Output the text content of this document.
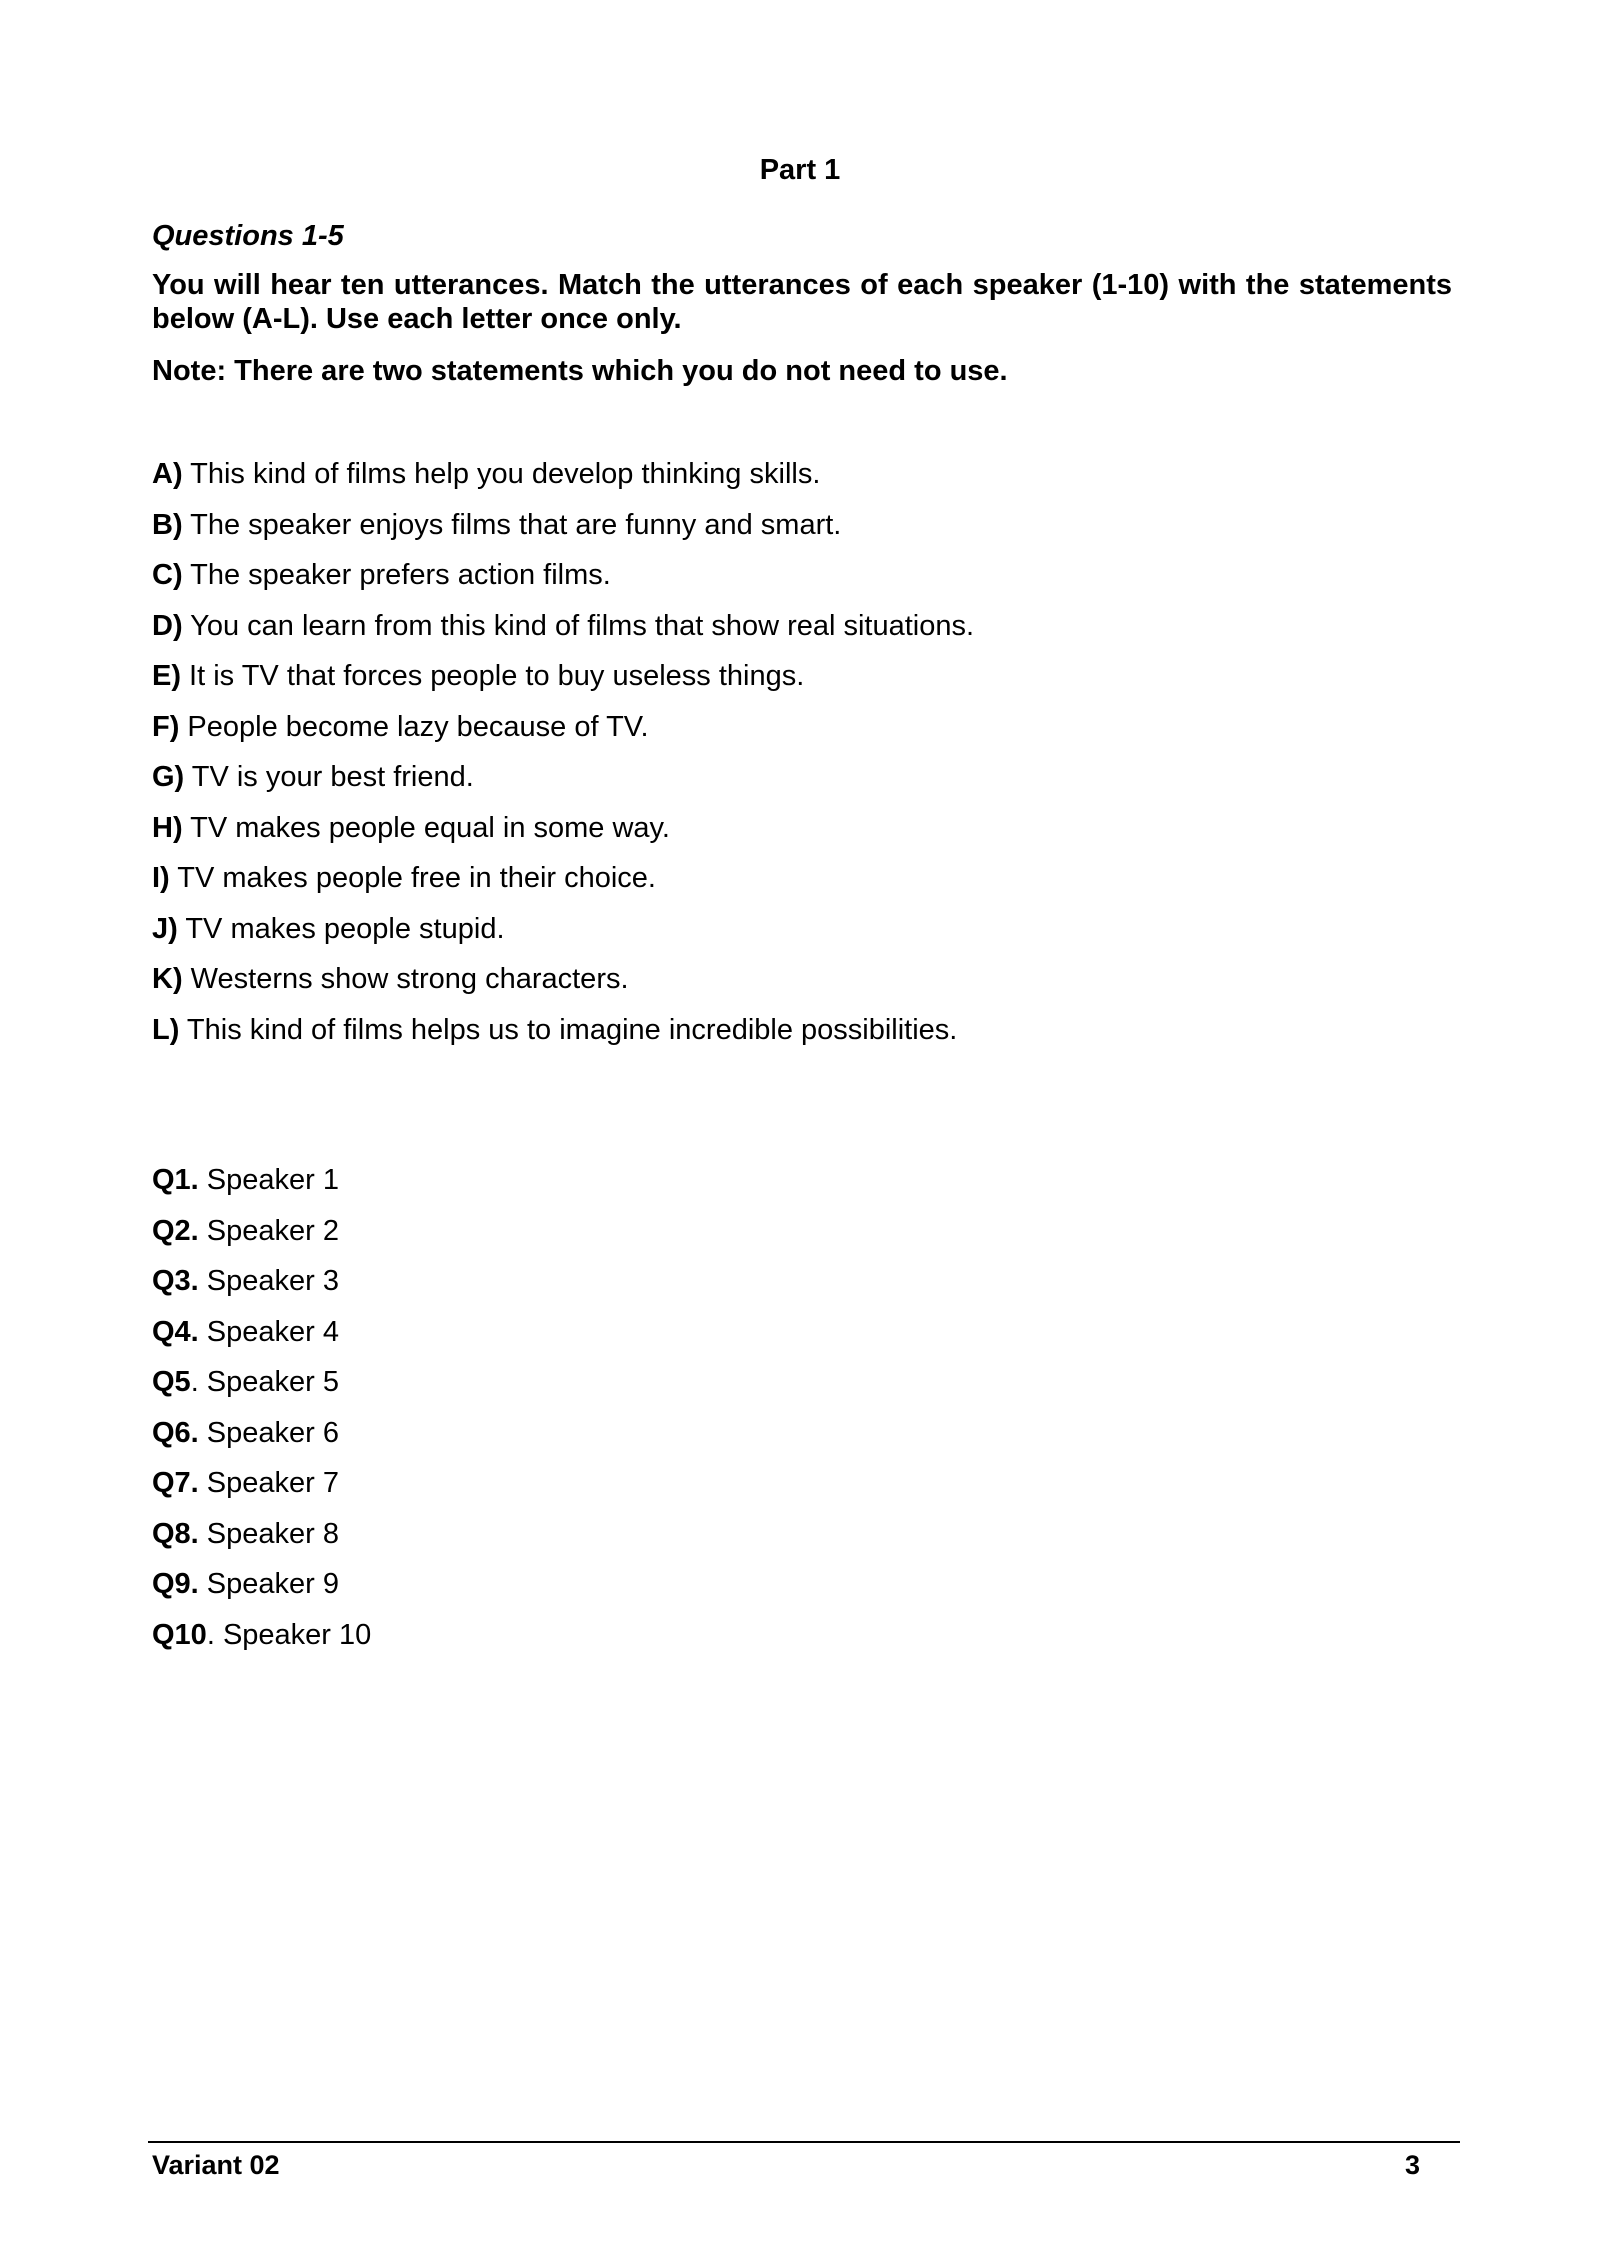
Part 1
Questions 1-5
You will hear ten utterances. Match the utterances of each speaker (1-10) with the statements below (A-L). Use each letter once only.
Note: There are two statements which you do not need to use.
A) This kind of films help you develop thinking skills.
B) The speaker enjoys films that are funny and smart.
C) The speaker prefers action films.
D) You can learn from this kind of films that show real situations.
E) It is TV that forces people to buy useless things.
F) People become lazy because of TV.
G) TV is your best friend.
H) TV makes people equal in some way.
I) TV makes people free in their choice.
J) TV makes people stupid.
K) Westerns show strong characters.
L) This kind of films helps us to imagine incredible possibilities.
Q1. Speaker 1
Q2. Speaker 2
Q3. Speaker 3
Q4. Speaker 4
Q5. Speaker 5
Q6. Speaker 6
Q7. Speaker 7
Q8. Speaker 8
Q9. Speaker 9
Q10. Speaker 10
Variant 02	3
